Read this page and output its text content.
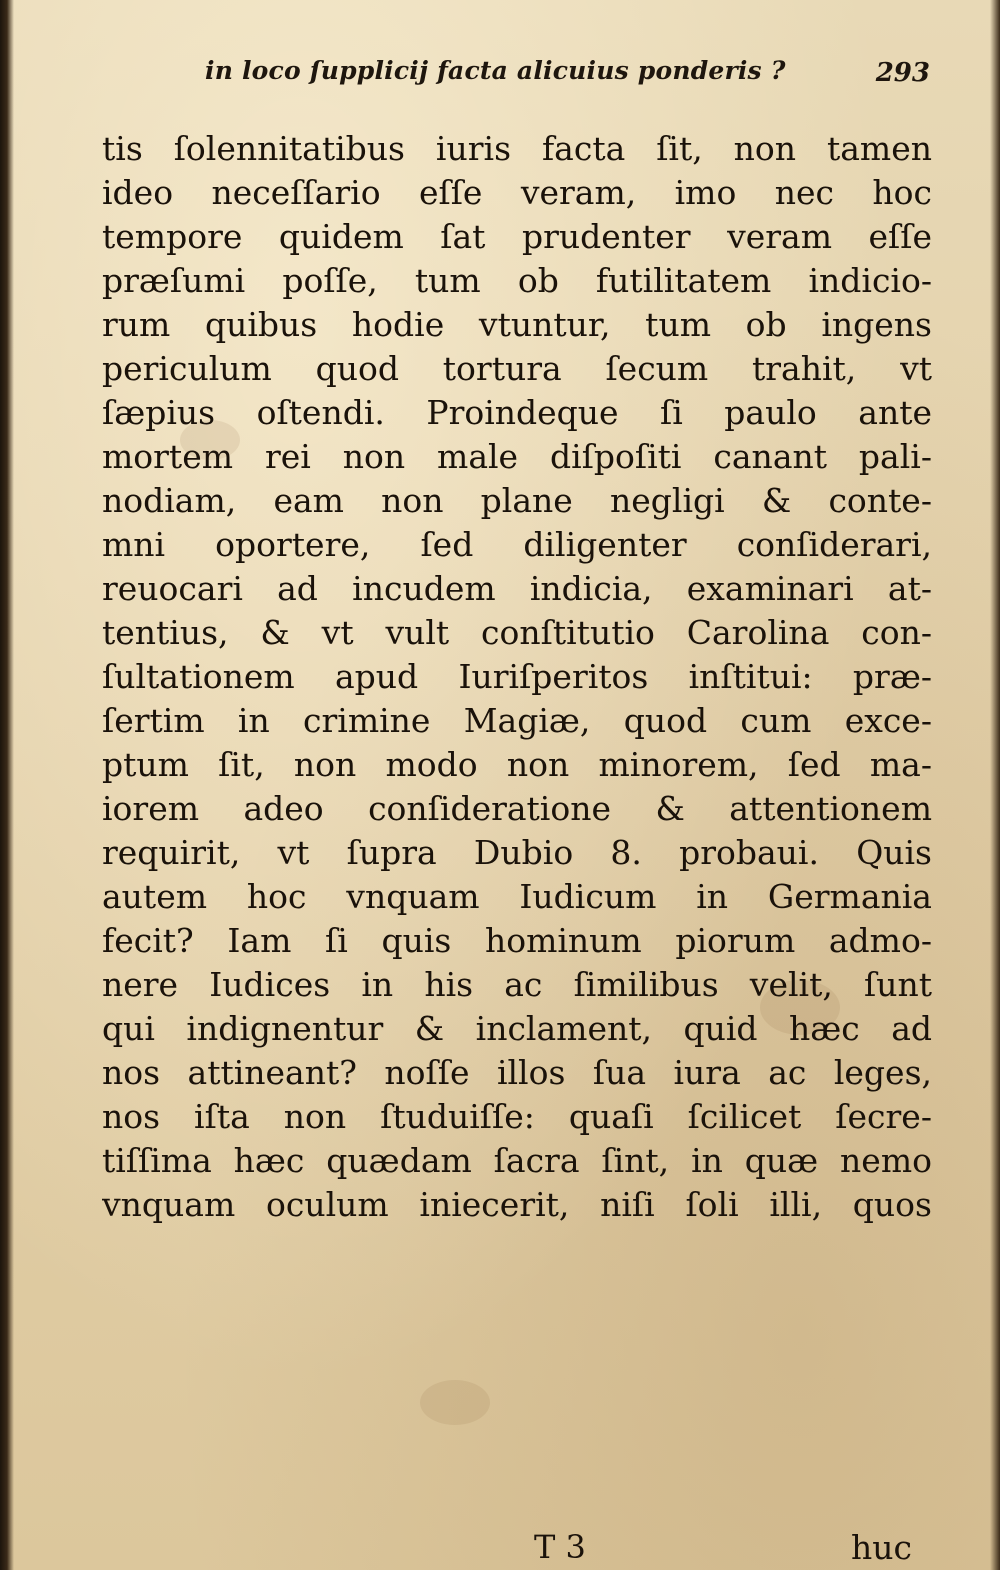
in loco ſupplicij facta alicuius ponderis ?	293
tis ſolennitatibus iuris facta ſit, non tamen
ideo neceſſario eſſe veram, imo nec hoc
tempore quidem ſat prudenter veram eſſe
præſumi poſſe, tum ob futilitatem indicio-
rum quibus hodie vtuntur, tum ob ingens
periculum quod tortura ſecum trahit, vt
ſæpius oſtendi. Proindeque ſi paulo ante
mortem rei non male diſpoſiti canant pali-
nodiam, eam non plane negligi & conte-
mni oportere, ſed diligenter conſiderari,
reuocari ad incudem indicia, examinari at-
tentius, & vt vult conſtitutio Carolina con-
ſultationem apud Iuriſperitos inſtitui: præ-
ſertim in crimine Magiæ, quod cum exce-
ptum ſit, non modo non minorem, ſed ma-
iorem adeo conſideratione & attentionem
requirit, vt ſupra Dubio 8. probaui. Quis
autem hoc vnquam Iudicum in Germania
fecit? Iam ſi quis hominum piorum admo-
nere Iudices in his ac ſimilibus velit, ſunt
qui indignentur & inclament, quid hæc ad
nos attineant? noſſe illos ſua iura ac leges,
nos iſta non ſtuduiſſe: quaſi ſcilicet ſecre-
tiſſima hæc quædam ſacra ſint, in quæ nemo
vnquam oculum iniecerit, niſi ſoli illi, quos
T 3	huc
